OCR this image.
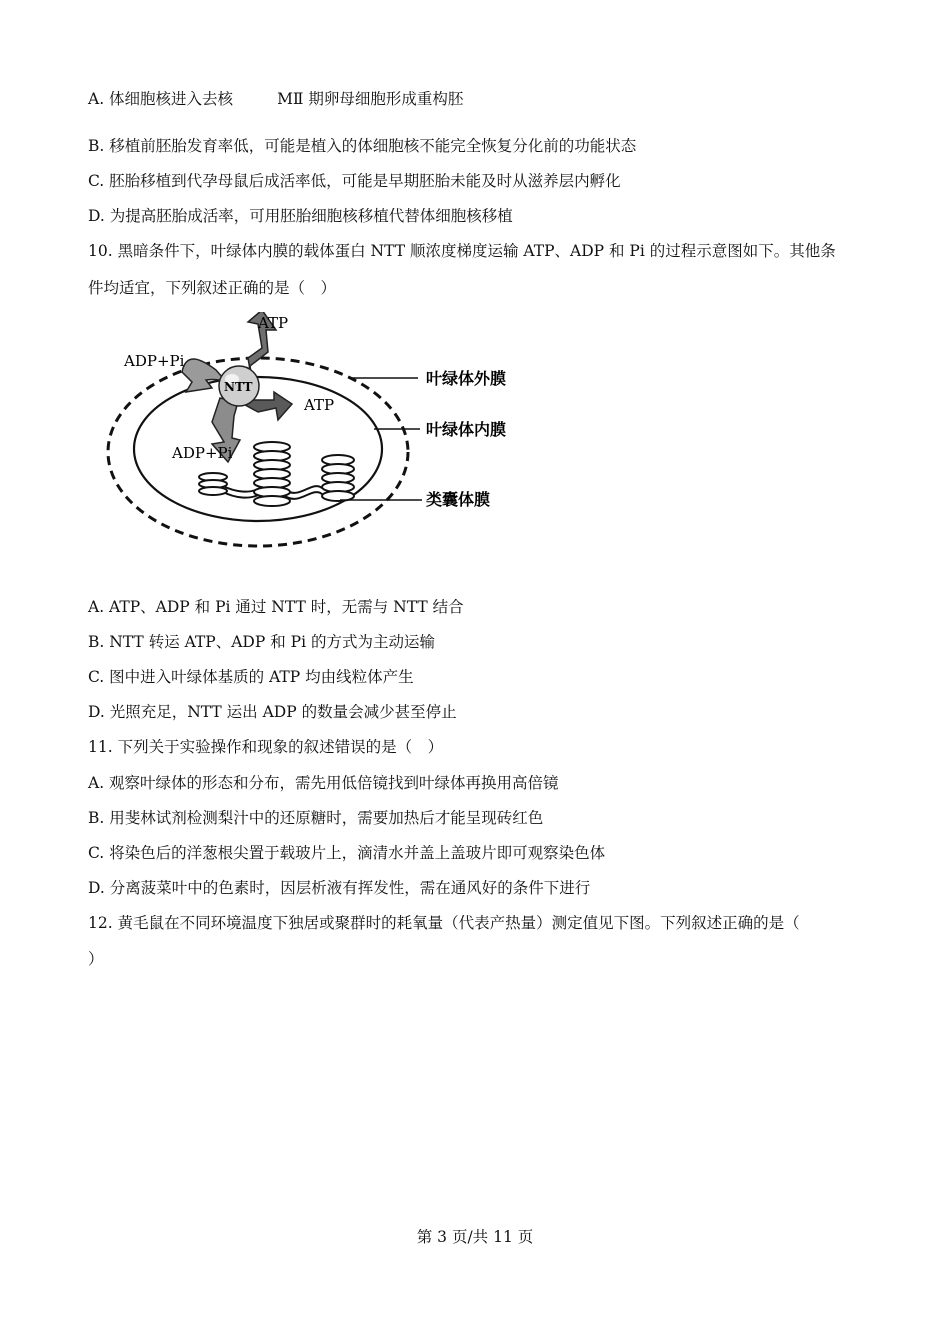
A. 体细胞核进入去核	MⅡ 期卵母细胞形成重构胚
B. 移植前胚胎发育率低，可能是植入的体细胞核不能完全恢复分化前的功能状态
C. 胚胎移植到代孕母鼠后成活率低，可能是早期胚胎未能及时从滋养层内孵化
D. 为提高胚胎成活率，可用胚胎细胞核移植代替体细胞核移植
10. 黑暗条件下，叶绿体内膜的载体蛋白 NTT 顺浓度梯度运输 ATP、ADP 和 Pi 的过程示意图如下。其他条
件均适宜，下列叙述正确的是（　）
ATP
ADP+Pi
NTT
ATP
ADP+Pi
叶绿体外膜
叶绿体内膜
类囊体膜
A. ATP、ADP 和 Pi 通过 NTT 时，无需与 NTT 结合
B. NTT 转运 ATP、ADP 和 Pi 的方式为主动运输
C. 图中进入叶绿体基质的 ATP 均由线粒体产生
D. 光照充足，NTT 运出 ADP 的数量会减少甚至停止
11. 下列关于实验操作和现象的叙述错误的是（　）
A. 观察叶绿体的形态和分布，需先用低倍镜找到叶绿体再换用高倍镜
B. 用斐林试剂检测梨汁中的还原糖时，需要加热后才能呈现砖红色
C. 将染色后的洋葱根尖置于载玻片上，滴清水并盖上盖玻片即可观察染色体
D. 分离菠菜叶中的色素时，因层析液有挥发性，需在通风好的条件下进行
12. 黄毛鼠在不同环境温度下独居或聚群时的耗氧量（代表产热量）测定值见下图。下列叙述正确的是（
）
第 3 页/共 11 页
